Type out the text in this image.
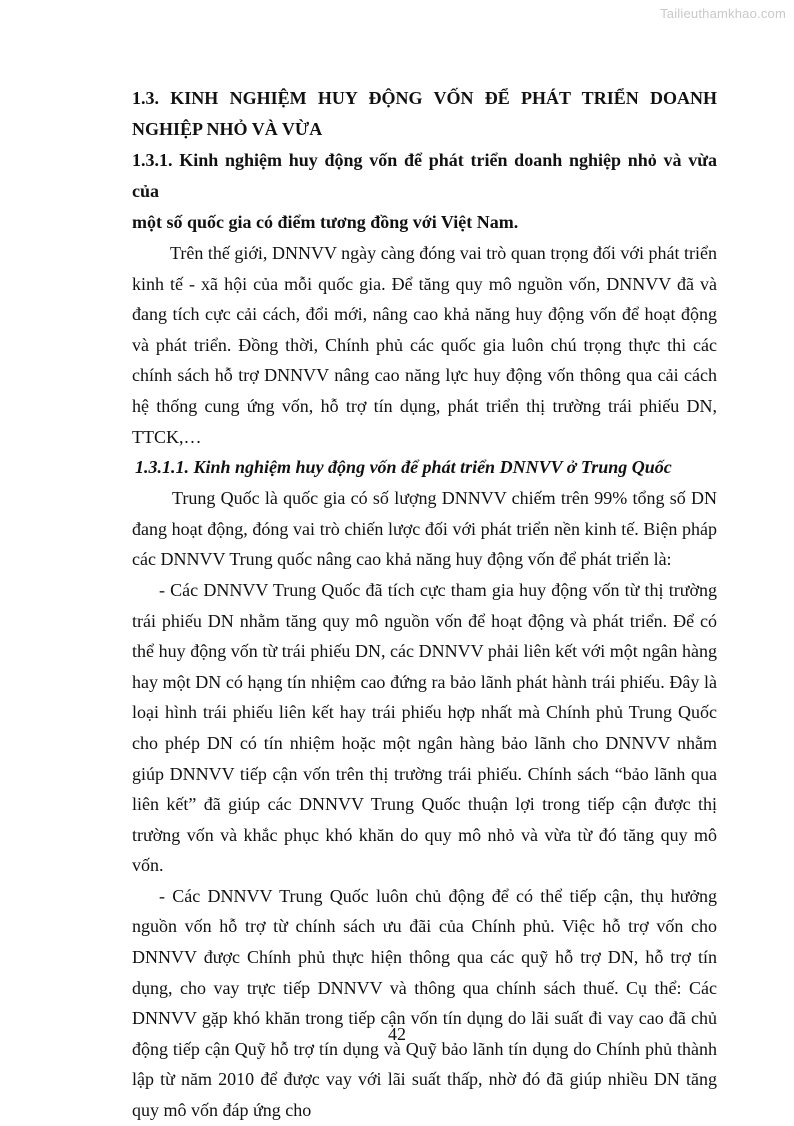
Tailieuthamkhao.com
1.3. KINH NGHIỆM HUY ĐỘNG VỐN ĐỂ PHÁT TRIỂN DOANH
NGHIỆP NHỎ VÀ VỪA
1.3.1. Kinh nghiệm huy động vốn để phát triển doanh nghiệp nhỏ và vừa của
một số quốc gia có điểm tương đồng với Việt Nam.

Trên thế giới, DNNVV ngày càng đóng vai trò quan trọng đối với phát triển kinh tế - xã hội của mỗi quốc gia. Để tăng quy mô nguồn vốn, DNNVV đã và đang tích cực cải cách, đổi mới, nâng cao khả năng huy động vốn để hoạt động và phát triển. Đồng thời, Chính phủ các quốc gia luôn chú trọng thực thi các chính sách hỗ trợ DNNVV nâng cao năng lực huy động vốn thông qua cải cách hệ thống cung ứng vốn, hỗ trợ tín dụng, phát triển thị trường trái phiếu DN, TTCK,…

1.3.1.1. Kinh nghiệm huy động vốn để phát triển DNNVV ở Trung Quốc

Trung Quốc là quốc gia có số lượng DNNVV chiếm trên 99% tổng số DN đang hoạt động, đóng vai trò chiến lược đối với phát triển nền kinh tế. Biện pháp các DNNVV Trung quốc nâng cao khả năng huy động vốn để phát triển là:

- Các DNNVV Trung Quốc đã tích cực tham gia huy động vốn từ thị trường trái phiếu DN nhằm tăng quy mô nguồn vốn để hoạt động và phát triển. Để có thể huy động vốn từ trái phiếu DN, các DNNVV phải liên kết với một ngân hàng hay một DN có hạng tín nhiệm cao đứng ra bảo lãnh phát hành trái phiếu. Đây là loại hình trái phiếu liên kết hay trái phiếu hợp nhất mà Chính phủ Trung Quốc cho phép DN có tín nhiệm hoặc một ngân hàng bảo lãnh cho DNNVV nhằm giúp DNNVV tiếp cận vốn trên thị trường trái phiếu. Chính sách “bảo lãnh qua liên kết” đã giúp các DNNVV Trung Quốc thuận lợi trong tiếp cận được thị trường vốn và khắc phục khó khăn do quy mô nhỏ và vừa từ đó tăng quy mô vốn.

- Các DNNVV Trung Quốc luôn chủ động để có thể tiếp cận, thụ hưởng nguồn vốn hỗ trợ từ chính sách ưu đãi của Chính phủ. Việc hỗ trợ vốn cho DNNVV được Chính phủ thực hiện thông qua các quỹ hỗ trợ DN, hỗ trợ tín dụng, cho vay trực tiếp DNNVV và thông qua chính sách thuế. Cụ thể: Các DNNVV gặp khó khăn trong tiếp cận vốn tín dụng do lãi suất đi vay cao đã chủ động tiếp cận Quỹ hỗ trợ tín dụng và Quỹ bảo lãnh tín dụng do Chính phủ thành lập từ năm 2010 để được vay với lãi suất thấp, nhờ đó đã giúp nhiều DN tăng quy mô vốn đáp ứng cho

42
